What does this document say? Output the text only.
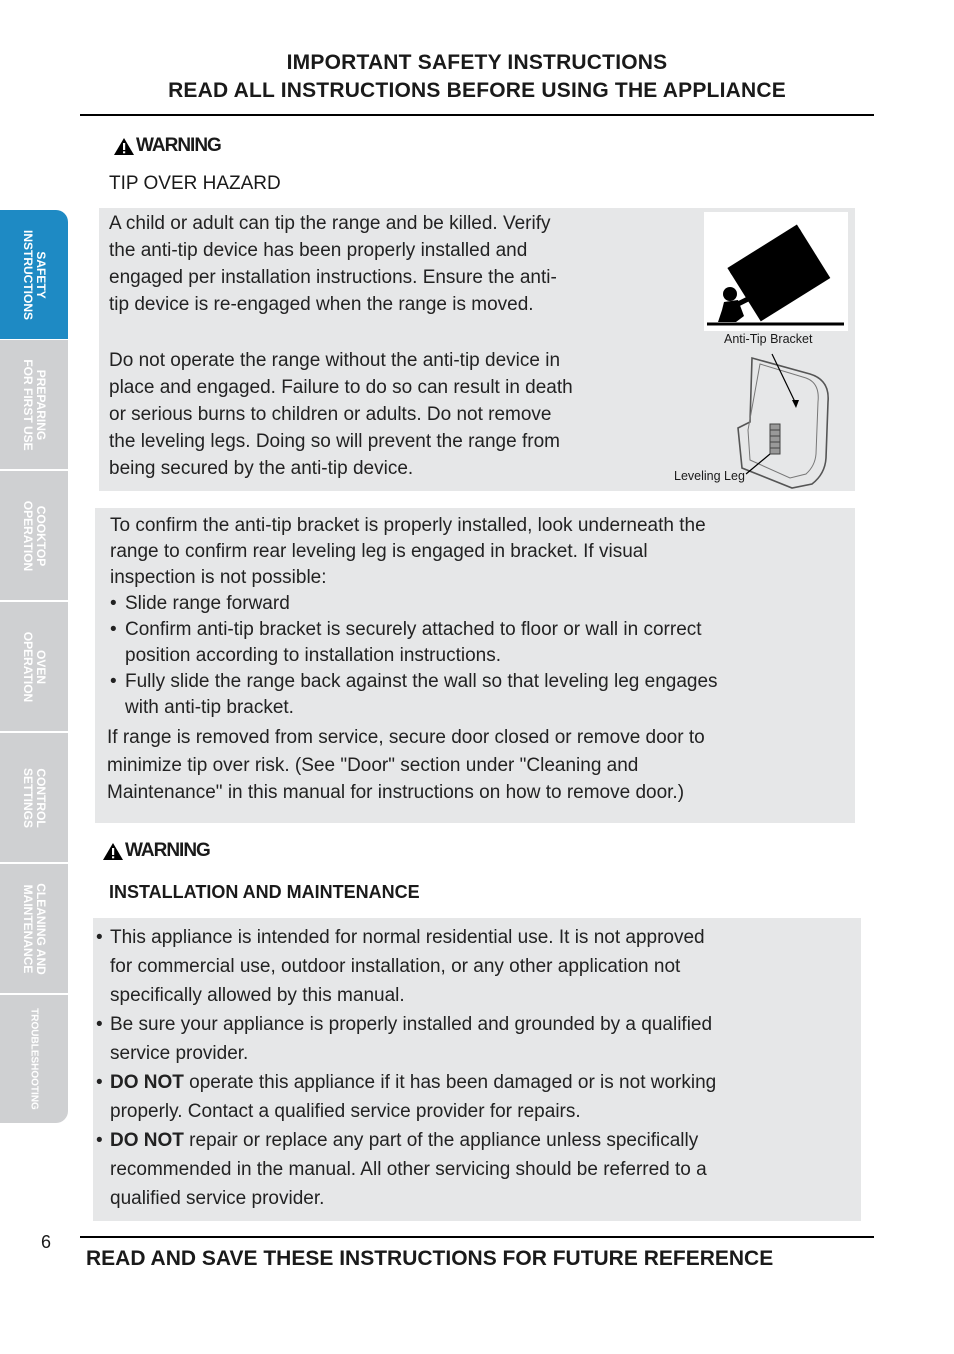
IMPORTANT SAFETY INSTRUCTIONS
READ ALL INSTRUCTIONS BEFORE USING THE APPLIANCE
SAFETY
INSTRUCTIONS
PREPARING
FOR FIRST USE
COOKTOP
OPERATION
OVEN
OPERATION
CONTROL
SETTINGS
CLEANING AND
MAINTENANCE
TROUBLESHOOTING
WARNING
TIP OVER HAZARD
A child or adult can tip the range and be killed. Verify
the anti-tip device has been properly installed and
engaged per installation instructions. Ensure the anti-
tip device is re-engaged when the range is moved.
Do not operate the range without the anti-tip device in
place and engaged. Failure to do so can result in death
or serious burns to children or adults. Do not remove
the leveling legs. Doing so will prevent the range from
being secured by the anti-tip device.
Anti-Tip Bracket
Leveling Leg
To confirm the anti-tip bracket is properly installed, look underneath the
range to confirm rear leveling leg is engaged in bracket. If visual
inspection is not possible:
• Slide range forward
• Confirm anti-tip bracket is securely attached to floor or wall in correct
position according to installation instructions.
• Fully slide the range back against the wall so that leveling leg engages
with anti-tip bracket.
If range is removed from service, secure door closed or remove door to
minimize tip over risk. (See "Door" section under "Cleaning and
Maintenance" in this manual for instructions on how to remove door.)
WARNING
INSTALLATION AND MAINTENANCE
• This appliance is intended for normal residential use. It is not approved
for commercial use, outdoor installation, or any other application not
specifically allowed by this manual.
• Be sure your appliance is properly installed and grounded by a qualified
service provider.
• DO NOT operate this appliance if it has been damaged or is not working
properly. Contact a qualified service provider for repairs.
• DO NOT repair or replace any part of the appliance unless specifically
recommended in the manual. All other servicing should be referred to a
qualified service provider.
6
READ AND SAVE THESE INSTRUCTIONS FOR FUTURE REFERENCE
